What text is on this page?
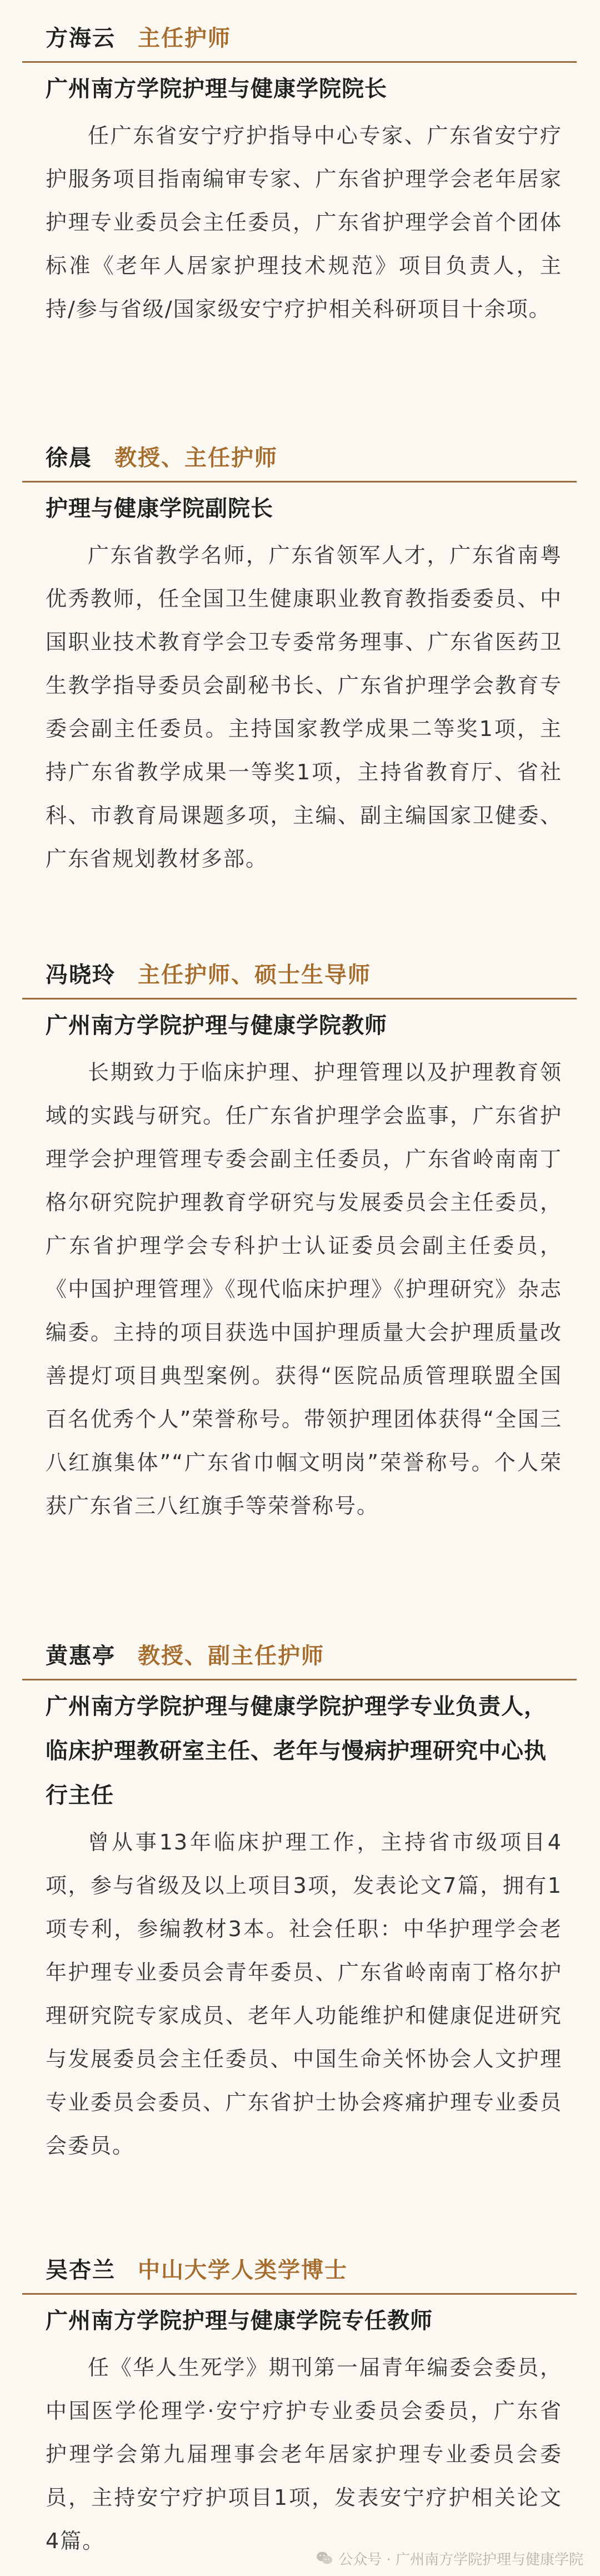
方海云 主任护师
广州南方学院护理与健康学院院长
任广东省安宁疗护指导中心专家、广东省安宁疗护服务项目指南编审专家、广东省护理学会老年居家护理专业委员会主任委员，广东省护理学会首个团体标准《老年人居家护理技术规范》项目负责人，主持/参与省级/国家级安宁疗护相关科研项目十余项。
徐晨 教授、主任护师
护理与健康学院副院长
广东省教学名师，广东省领军人才，广东省南粤优秀教师，任全国卫生健康职业教育教指委委员、中国职业技术教育学会卫专委常务理事、广东省医药卫生教学指导委员会副秘书长、广东省护理学会教育专委会副主任委员。主持国家教学成果二等奖1项，主持广东省教学成果一等奖1项，主持省教育厅、省社科、市教育局课题多项，主编、副主编国家卫健委、广东省规划教材多部。
冯晓玲 主任护师、硕士生导师
广州南方学院护理与健康学院教师
长期致力于临床护理、护理管理以及护理教育领域的实践与研究。任广东省护理学会监事，广东省护理学会护理管理专委会副主任委员，广东省岭南南丁格尔研究院护理教育学研究与发展委员会主任委员，广东省护理学会专科护士认证委员会副主任委员，《中国护理管理》《现代临床护理》《护理研究》杂志编委。主持的项目获选中国护理质量大会护理质量改善提灯项目典型案例。获得“医院品质管理联盟全国百名优秀个人”荣誉称号。带领护理团体获得“全国三八红旗集体”“广东省巾帼文明岗”荣誉称号。个人荣获广东省三八红旗手等荣誉称号。
黄惠亭 教授、副主任护师
广州南方学院护理与健康学院护理学专业负责人，临床护理教研室主任、老年与慢病护理研究中心执行主任
曾从事13年临床护理工作，主持省市级项目4项，参与省级及以上项目3项，发表论文7篇，拥有1项专利，参编教材3本。社会任职：中华护理学会老年护理专业委员会青年委员、广东省岭南南丁格尔护理研究院专家成员、老年人功能维护和健康促进研究与发展委员会主任委员、中国生命关怀协会人文护理专业委员会委员、广东省护士协会疼痛护理专业委员会委员。
吴杏兰 中山大学人类学博士
广州南方学院护理与健康学院专任教师
任《华人生死学》期刊第一届青年编委会委员，中国医学伦理学·安宁疗护专业委员会委员，广东省护理学会第九届理事会老年居家护理专业委员会委员，主持安宁疗护项目1项，发表安宁疗护相关论文4篇。
公众号 · 广州南方学院护理与健康学院
